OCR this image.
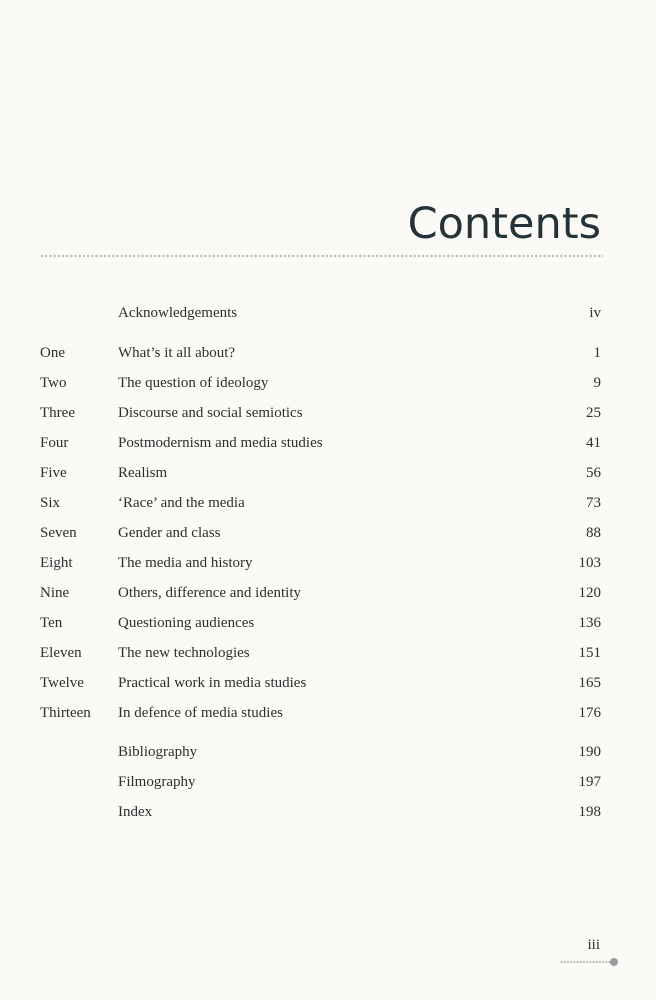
Contents
Acknowledgements	iv
One	What’s it all about?	1
Two	The question of ideology	9
Three	Discourse and social semiotics	25
Four	Postmodernism and media studies	41
Five	Realism	56
Six	‘Race’ and the media	73
Seven	Gender and class	88
Eight	The media and history	103
Nine	Others, difference and identity	120
Ten	Questioning audiences	136
Eleven The new technologies	151
Twelve Practical work in media studies	165
Thirteen In defence of media studies	176
Bibliography	190
Filmography	197
Index	198
iii
